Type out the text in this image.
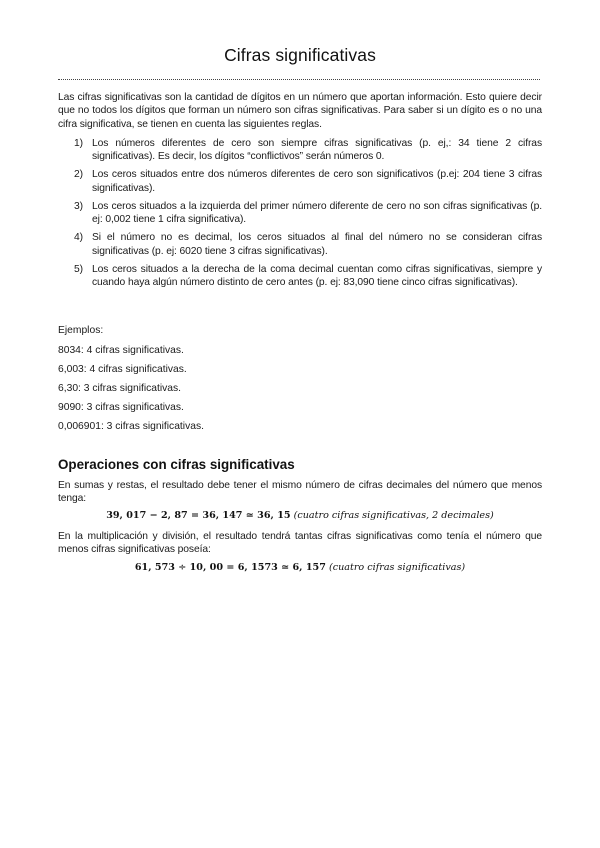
Cifras significativas
Las cifras significativas son la cantidad de dígitos en un número que aportan información. Esto quiere decir que no todos los dígitos que forman un número son cifras significativas. Para saber si un dígito es o no una cifra significativa, se tienen en cuenta las siguientes reglas.
1) Los números diferentes de cero son siempre cifras significativas (p. ej,: 34 tiene 2 cifras significativas). Es decir, los dígitos “conflictivos” serán números 0.
2) Los ceros situados entre dos números diferentes de cero son significativos (p.ej: 204 tiene 3 cifras significativas).
3) Los ceros situados a la izquierda del primer número diferente de cero no son cifras significativas (p. ej: 0,002 tiene 1 cifra significativa).
4) Si el número no es decimal, los ceros situados al final del número no se consideran cifras significativas (p. ej: 6020 tiene 3 cifras significativas).
5) Los ceros situados a la derecha de la coma decimal cuentan como cifras significativas, siempre y cuando haya algún número distinto de cero antes (p. ej: 83,090 tiene cinco cifras significativas).
Ejemplos:
8034: 4 cifras significativas.
6,003: 4 cifras significativas.
6,30: 3 cifras significativas.
9090: 3 cifras significativas.
0,006901: 3 cifras significativas.
Operaciones con cifras significativas
En sumas y restas, el resultado debe tener el mismo número de cifras decimales del número que menos tenga:
39, 017 − 2, 87 = 36, 147 ≃ 36, 15 (cuatro cifras significativas, 2 decimales)
En la multiplicación y división, el resultado tendrá tantas cifras significativas como tenía el número que menos cifras significativas poseía:
61, 573 ÷ 10, 00 = 6, 1573 ≃ 6, 157 (cuatro cifras significativas)
